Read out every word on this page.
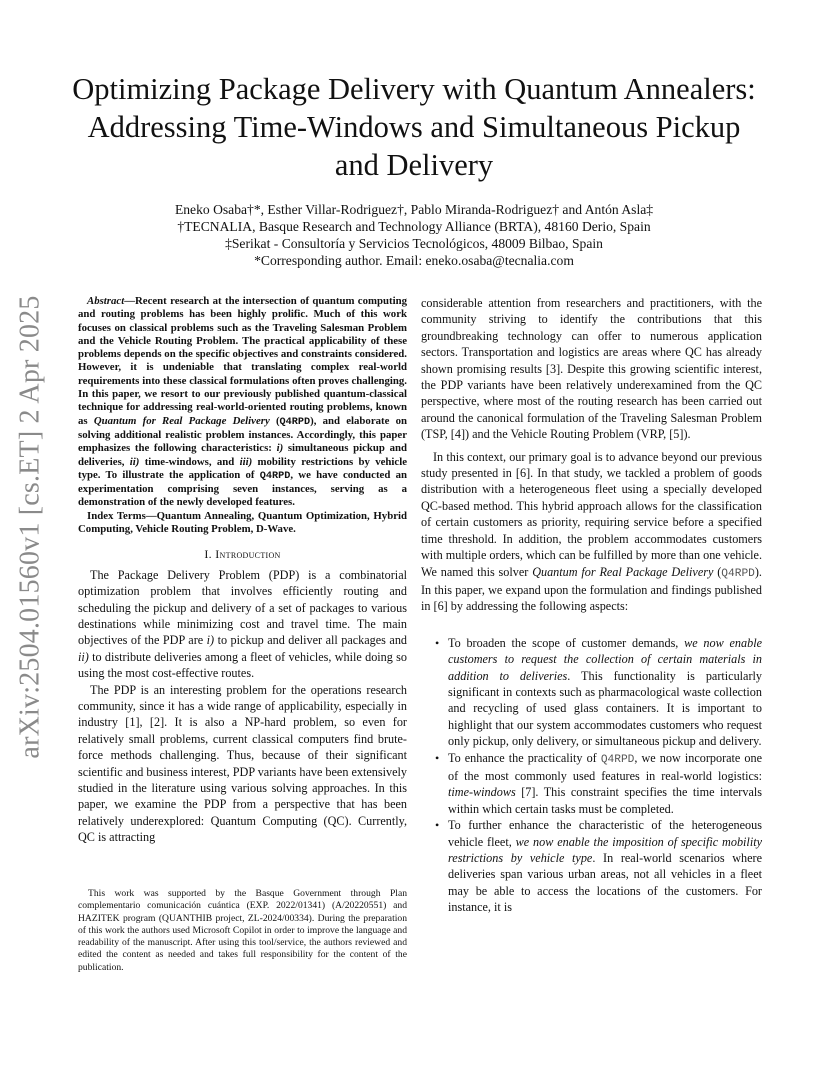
arXiv:2504.01560v1 [cs.ET] 2 Apr 2025
Optimizing Package Delivery with Quantum Annealers: Addressing Time-Windows and Simultaneous Pickup and Delivery
Eneko Osaba†*, Esther Villar-Rodriguez†, Pablo Miranda-Rodriguez† and Antón Asla‡
†TECNALIA, Basque Research and Technology Alliance (BRTA), 48160 Derio, Spain
‡Serikat - Consultoría y Servicios Tecnológicos, 48009 Bilbao, Spain
*Corresponding author. Email: eneko.osaba@tecnalia.com

Abstract—Recent research at the intersection of quantum computing and routing problems has been highly prolific. Much of this work focuses on classical problems such as the Traveling Salesman Problem and the Vehicle Routing Problem. The practical applicability of these problems depends on the specific objectives and constraints considered. However, it is undeniable that translating complex real-world requirements into these classical formulations often proves challenging. In this paper, we resort to our previously published quantum-classical technique for addressing real-world-oriented routing problems, known as Quantum for Real Package Delivery (Q4RPD), and elaborate on solving additional realistic problem instances. Accordingly, this paper emphasizes the following characteristics: i) simultaneous pickup and deliveries, ii) time-windows, and iii) mobility restrictions by vehicle type. To illustrate the application of Q4RPD, we have conducted an experimentation comprising seven instances, serving as a demonstration of the newly developed features.

Index Terms—Quantum Annealing, Quantum Optimization, Hybrid Computing, Vehicle Routing Problem, D-Wave.

I. Introduction

The Package Delivery Problem (PDP) is a combinatorial optimization problem that involves efficiently routing and scheduling the pickup and delivery of a set of packages to various destinations while minimizing cost and travel time. The main objectives of the PDP are i) to pickup and deliver all packages and ii) to distribute deliveries among a fleet of vehicles, while doing so using the most cost-effective routes.

The PDP is an interesting problem for the operations research community, since it has a wide range of applicability, especially in industry [1], [2]. It is also a NP-hard problem, so even for relatively small problems, current classical computers find brute-force methods challenging. Thus, because of their significant scientific and business interest, PDP variants have been extensively studied in the literature using various solving approaches. In this paper, we examine the PDP from a perspective that has been relatively underexplored: Quantum Computing (QC). Currently, QC is attracting

This work was supported by the Basque Government through Plan complementario comunicación cuántica (EXP. 2022/01341) (A/20220551) and HAZITEK program (QUANTHIB project, ZL-2024/00334). During the preparation of this work the authors used Microsoft Copilot in order to improve the language and readability of the manuscript. After using this tool/service, the authors reviewed and edited the content as needed and takes full responsibility for the content of the publication.

considerable attention from researchers and practitioners, with the community striving to identify the contributions that this groundbreaking technology can offer to numerous application sectors. Transportation and logistics are areas where QC has already shown promising results [3]. Despite this growing scientific interest, the PDP variants have been relatively underexamined from the QC perspective, where most of the routing research has been carried out around the canonical formulation of the Traveling Salesman Problem (TSP, [4]) and the Vehicle Routing Problem (VRP, [5]).

In this context, our primary goal is to advance beyond our previous study presented in [6]. In that study, we tackled a problem of goods distribution with a heterogeneous fleet using a specially developed QC-based method. This hybrid approach allows for the classification of certain customers as priority, requiring service before a specified time threshold. In addition, the problem accommodates customers with multiple orders, which can be fulfilled by more than one vehicle. We named this solver Quantum for Real Package Delivery (Q4RPD). In this paper, we expand upon the formulation and findings published in [6] by addressing the following aspects:

• To broaden the scope of customer demands, we now enable customers to request the collection of certain materials in addition to deliveries. This functionality is particularly significant in contexts such as pharmacological waste collection and recycling of used glass containers. It is important to highlight that our system accommodates customers who request only pickup, only delivery, or simultaneous pickup and delivery.
• To enhance the practicality of Q4RPD, we now incorporate one of the most commonly used features in real-world logistics: time-windows [7]. This constraint specifies the time intervals within which certain tasks must be completed.
• To further enhance the characteristic of the heterogeneous vehicle fleet, we now enable the imposition of specific mobility restrictions by vehicle type. In real-world scenarios where deliveries span various urban areas, not all vehicles in a fleet may be able to access the locations of the customers. For instance, it is
